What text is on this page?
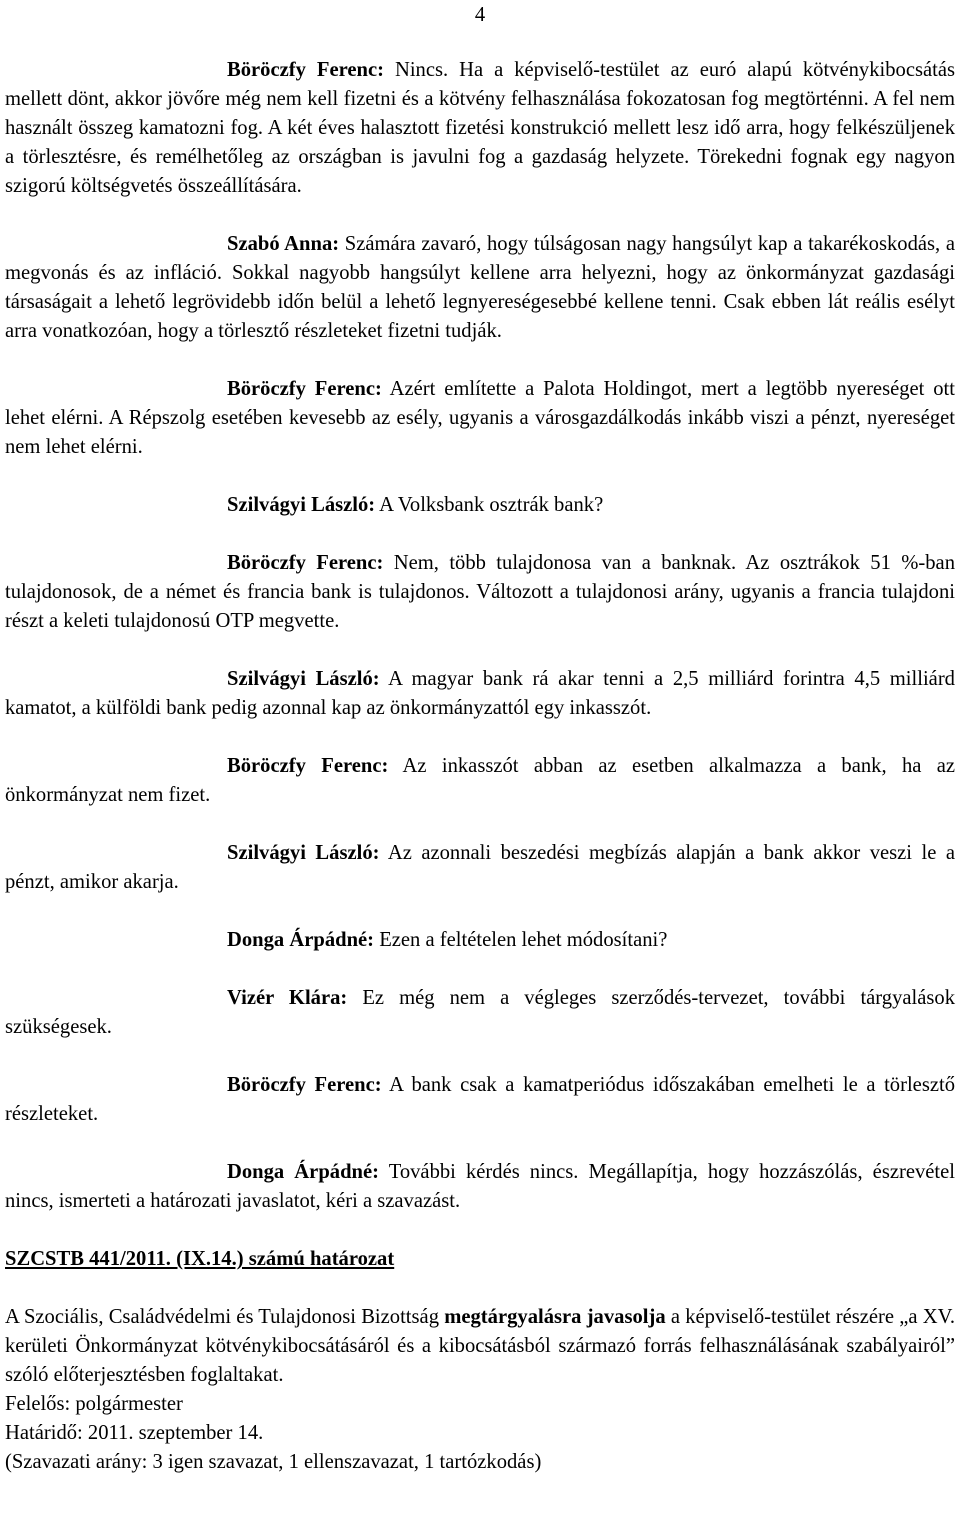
4

Böröczfy Ferenc: Nincs. Ha a képviselő-testület az euró alapú kötvénykibocsátás mellett dönt, akkor jövőre még nem kell fizetni és a kötvény felhasználása fokozatosan fog megtörténni. A fel nem használt összeg kamatozni fog. A két éves halasztott fizetési konstrukció mellett lesz idő arra, hogy felkészüljenek a törlesztésre, és remélhetőleg az országban is javulni fog a gazdaság helyzete. Törekedni fognak egy nagyon szigorú költségvetés összeállítására.

Szabó Anna: Számára zavaró, hogy túlságosan nagy hangsúlyt kap a takarékoskodás, a megvonás és az infláció. Sokkal nagyobb hangsúlyt kellene arra helyezni, hogy az önkormányzat gazdasági társaságait a lehető legrövidebb időn belül a lehető legnyereségesebbé kellene tenni. Csak ebben lát reális esélyt arra vonatkozóan, hogy a törlesztő részleteket fizetni tudják.

Böröczfy Ferenc: Azért említette a Palota Holdingot, mert a legtöbb nyereséget ott lehet elérni. A Répszolg esetében kevesebb az esély, ugyanis a városgazdálkodás inkább viszi a pénzt, nyereséget nem lehet elérni.

Szilvágyi László: A Volksbank osztrák bank?

Böröczfy Ferenc: Nem, több tulajdonosa van a banknak. Az osztrákok 51 %-ban tulajdonosok, de a német és francia bank is tulajdonos. Változott a tulajdonosi arány, ugyanis a francia tulajdoni részt a keleti tulajdonosú OTP megvette.

Szilvágyi László: A magyar bank rá akar tenni a 2,5 milliárd forintra 4,5 milliárd kamatot, a külföldi bank pedig azonnal kap az önkormányzattól egy inkasszót.

Böröczfy Ferenc: Az inkasszót abban az esetben alkalmazza a bank, ha az önkormányzat nem fizet.

Szilvágyi László: Az azonnali beszedési megbízás alapján a bank akkor veszi le a pénzt, amikor akarja.

Donga Árpádné: Ezen a feltételen lehet módosítani?

Vizér Klára: Ez még nem a végleges szerződés-tervezet, további tárgyalások szükségesek.

Böröczfy Ferenc: A bank csak a kamatperiódus időszakában emelheti le a törlesztő részleteket.

Donga Árpádné: További kérdés nincs. Megállapítja, hogy hozzászólás, észrevétel nincs, ismerteti a határozati javaslatot, kéri a szavazást.

SZCSTB 441/2011. (IX.14.) számú határozat

A Szociális, Családvédelmi és Tulajdonosi Bizottság megtárgyalásra javasolja a képviselő-testület részére „a XV. kerületi Önkormányzat kötvénykibocsátásáról és a kibocsátásból származó forrás felhasználásának szabályairól” szóló előterjesztésben foglaltakat.

Felelős: polgármester

Határidő: 2011. szeptember 14.

(Szavazati arány: 3 igen szavazat, 1 ellenszavazat, 1 tartózkodás)
